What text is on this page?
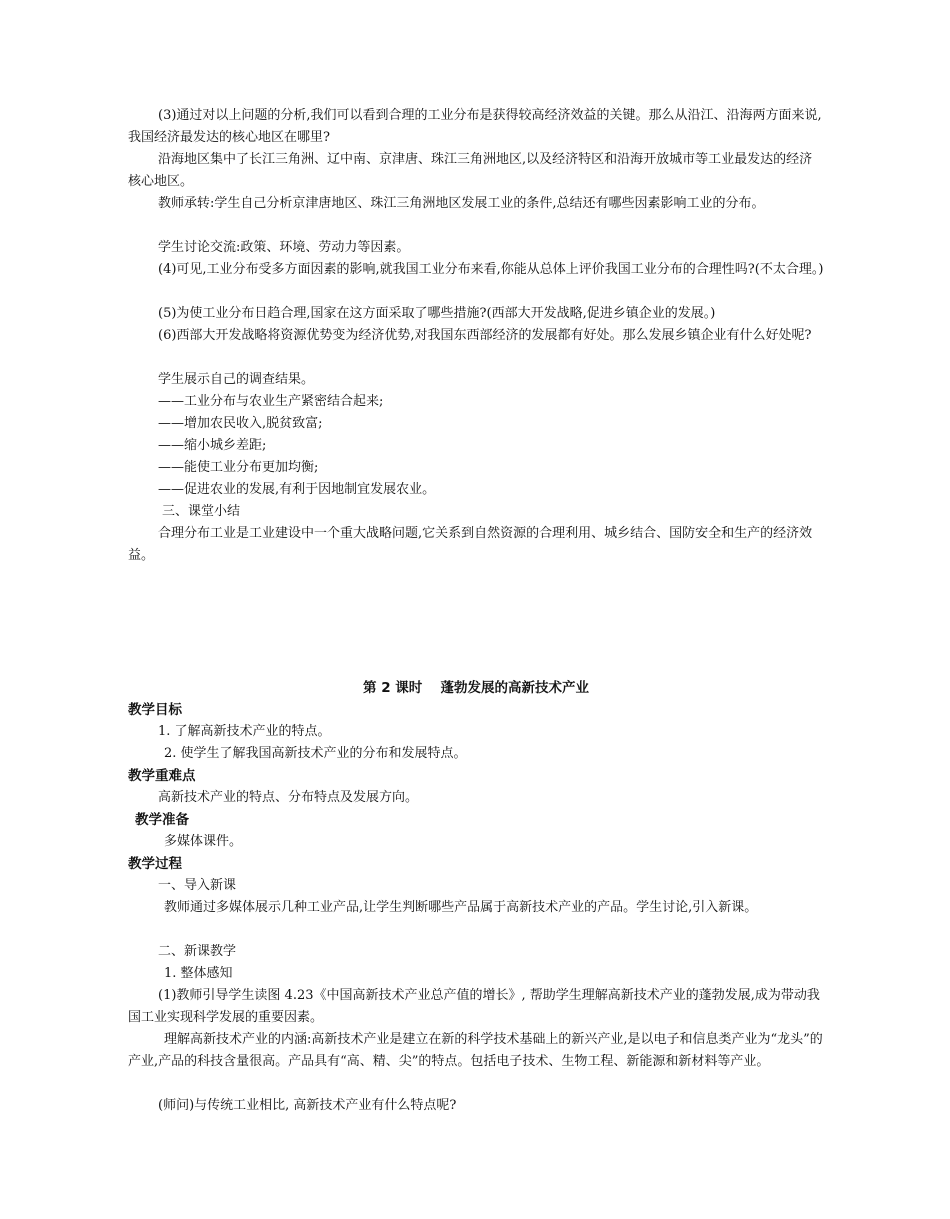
(3)通过对以上问题的分析,我们可以看到合理的工业分布是获得较高经济效益的关键。那么从沿江、沿海两方面来说,我国经济最发达的核心地区在哪里?

沿海地区集中了长江三角洲、辽中南、京津唐、珠江三角洲地区,以及经济特区和沿海开放城市等工业最发达的经济核心地区。

教师承转:学生自己分析京津唐地区、珠江三角洲地区发展工业的条件,总结还有哪些因素影响工业的分布。

学生讨论交流:政策、环境、劳动力等因素。

(4)可见,工业分布受多方面因素的影响,就我国工业分布来看,你能从总体上评价我国工业分布的合理性吗?(不太合理。)

(5)为使工业分布日趋合理,国家在这方面采取了哪些措施?(西部大开发战略,促进乡镇企业的发展。)

(6)西部大开发战略将资源优势变为经济优势,对我国东西部经济的发展都有好处。那么发展乡镇企业有什么好处呢?

学生展示自己的调查结果。

——工业分布与农业生产紧密结合起来;

——增加农民收入,脱贫致富;

——缩小城乡差距;

——能使工业分布更加均衡;

——促进农业的发展,有利于因地制宜发展农业。

三、课堂小结

合理分布工业是工业建设中一个重大战略问题,它关系到自然资源的合理利用、城乡结合、国防安全和生产的经济效益。

第 2 课时　 蓬勃发展的高新技术产业

教学目标

1. 了解高新技术产业的特点。

2. 使学生了解我国高新技术产业的分布和发展特点。

教学重难点

高新技术产业的特点、分布特点及发展方向。

教学准备

多媒体课件。

教学过程

一、导入新课

教师通过多媒体展示几种工业产品,让学生判断哪些产品属于高新技术产业的产品。学生讨论,引入新课。

二、新课教学

1. 整体感知

(1)教师引导学生读图 4.23《中国高新技术产业总产值的增长》, 帮助学生理解高新技术产业的蓬勃发展,成为带动我国工业实现科学发展的重要因素。

理解高新技术产业的内涵:高新技术产业是建立在新的科学技术基础上的新兴产业,是以电子和信息类产业为“龙头”的产业,产品的科技含量很高。产品具有“高、精、尖”的特点。包括电子技术、生物工程、新能源和新材料等产业。

(师问)与传统工业相比, 高新技术产业有什么特点呢?
